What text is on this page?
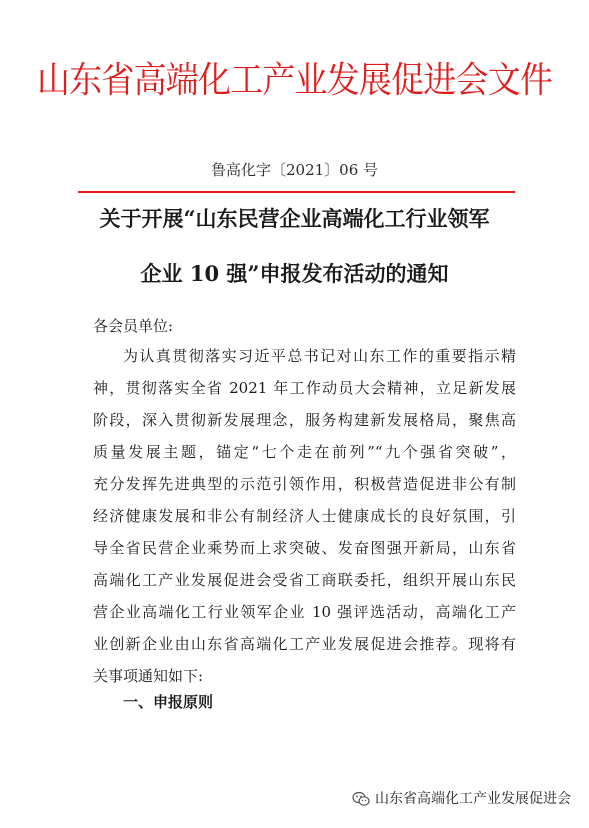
山东省高端化工产业发展促进会文件
鲁高化字〔2021〕06 号
关于开展“山东民营企业高端化工行业领军
企业 10 强”申报发布活动的通知
各会员单位:
为认真贯彻落实习近平总书记对山东工作的重要指示精
神，贯彻落实全省 2021 年工作动员大会精神，立足新发展
阶段，深入贯彻新发展理念，服务构建新发展格局，聚焦高
质量发展主题，锚定“七个走在前列”“九个强省突破”，
充分发挥先进典型的示范引领作用，积极营造促进非公有制
经济健康发展和非公有制经济人士健康成长的良好氛围，引
导全省民营企业乘势而上求突破、发奋图强开新局，山东省
高端化工产业发展促进会受省工商联委托，组织开展山东民
营企业高端化工行业领军企业 10 强评选活动，高端化工产
业创新企业由山东省高端化工产业发展促进会推荐。现将有
关事项通知如下:
一、申报原则
山东省高端化工产业发展促进会
